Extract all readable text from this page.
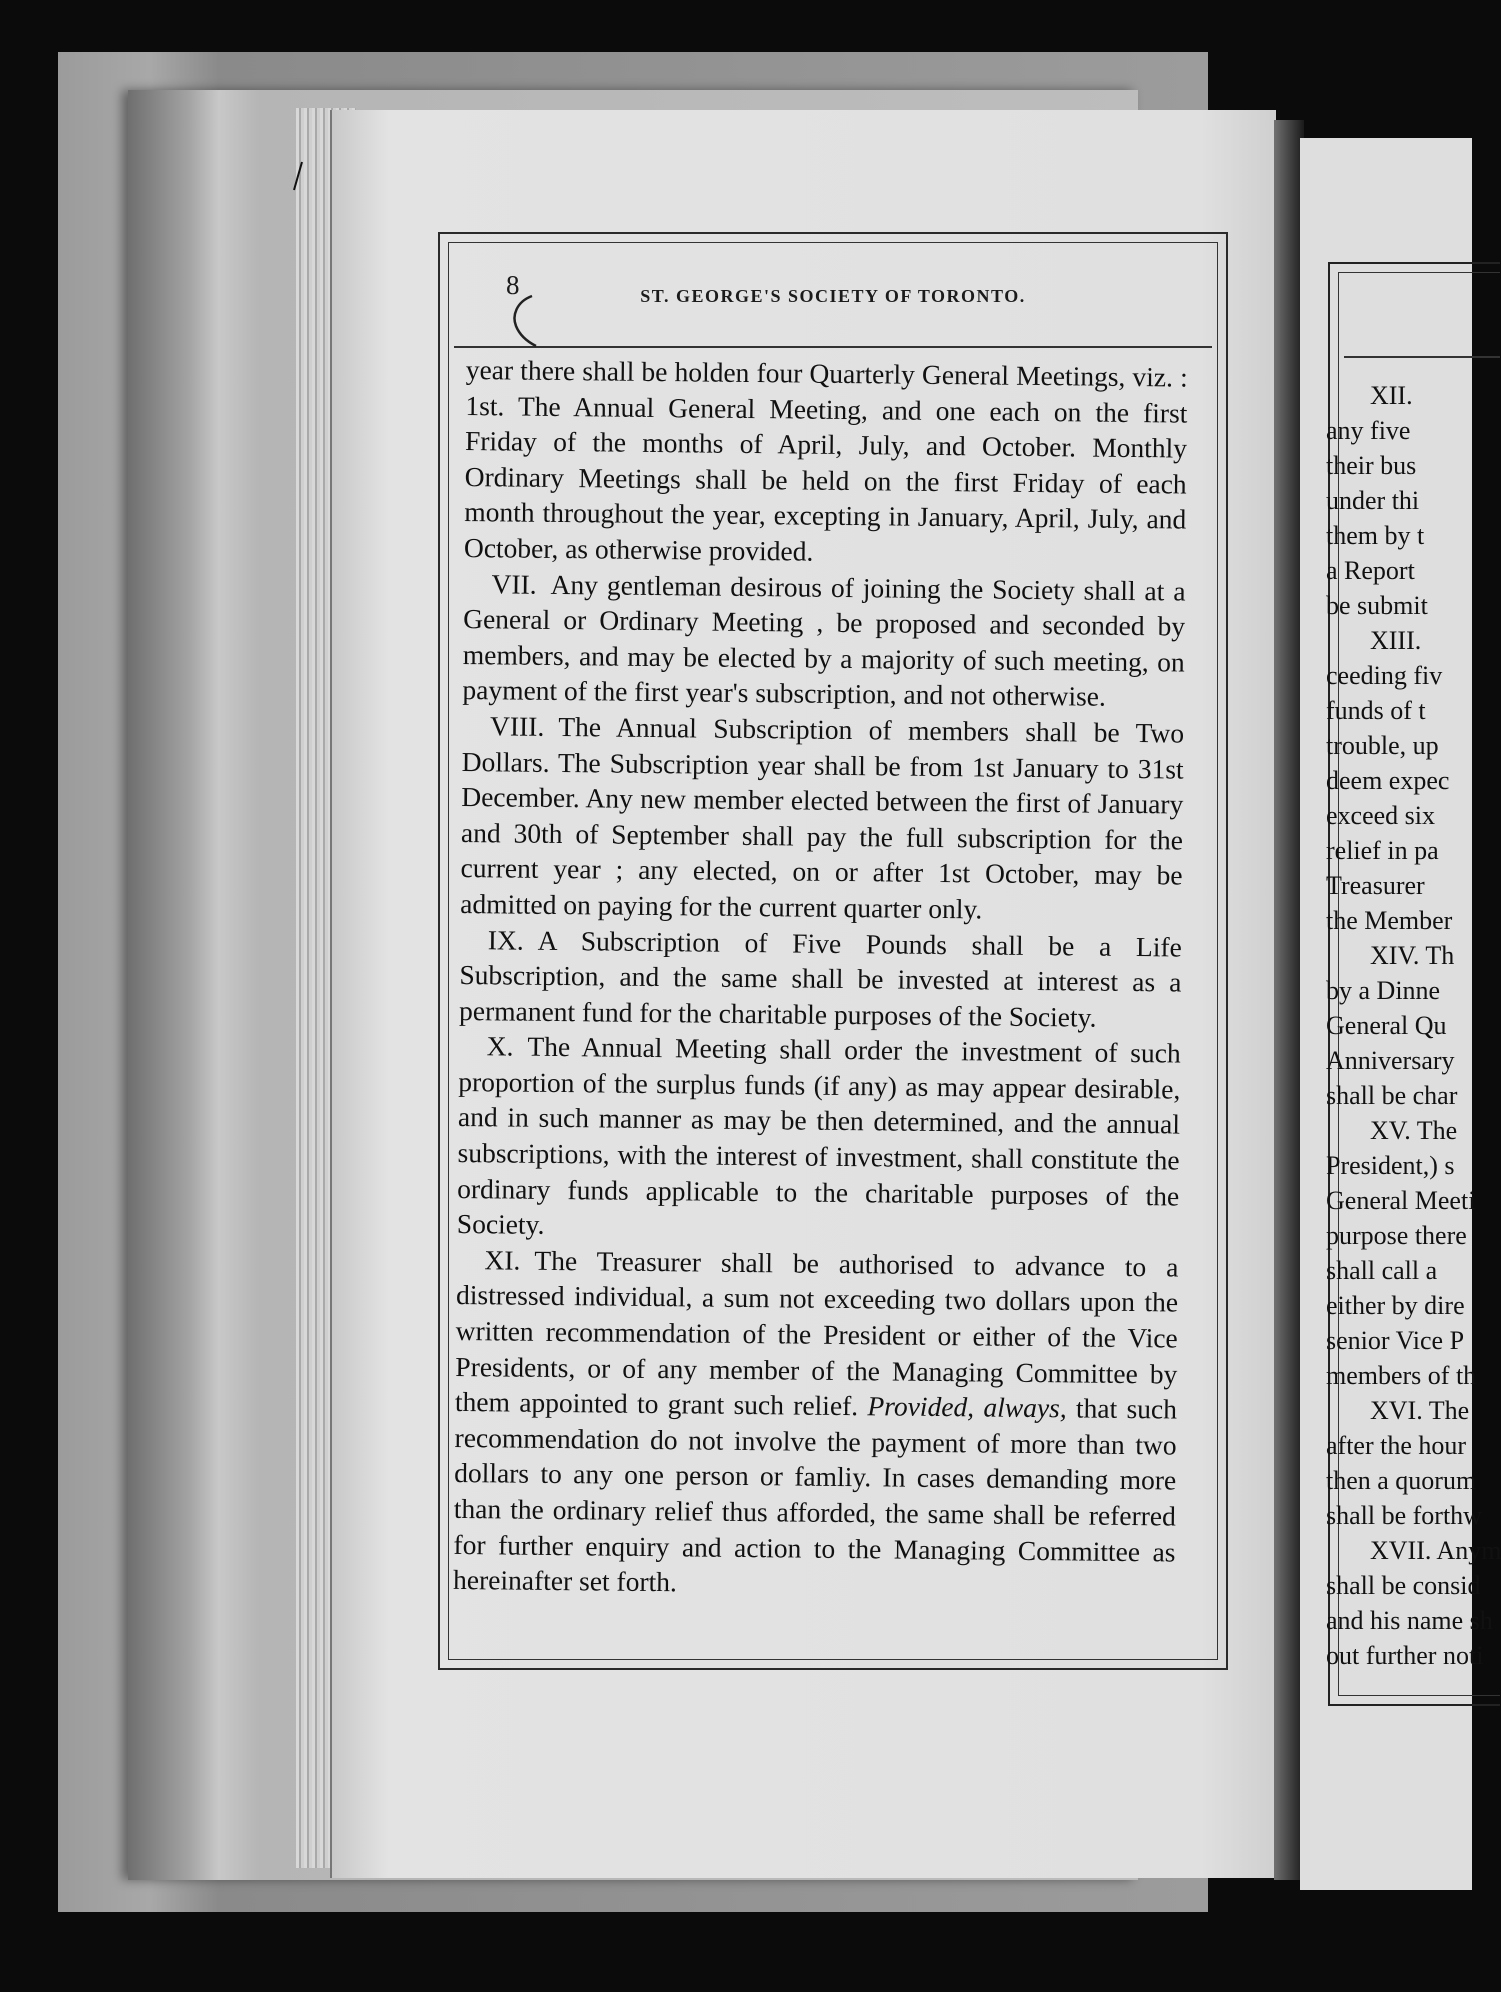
8	ST. GEORGE'S SOCIETY OF TORONTO.

year there shall be holden four Quarterly General Meetings, viz. : 1st. The Annual General Meeting, and one each on the first Friday of the months of April, July, and October. Monthly Ordinary Meetings shall be held on the first Friday of each month throughout the year, excepting in January, April, July, and October, as otherwise provided.

VII. Any gentleman desirous of joining the Society shall at a General or Ordinary Meeting , be proposed and seconded by members, and may be elected by a majority of such meeting, on payment of the first year's subscription, and not otherwise.

VIII. The Annual Subscription of members shall be Two Dollars. The Subscription year shall be from 1st January to 31st December. Any new member elected between the first of January and 30th of September shall pay the full subscription for the current year ; any elected, on or after 1st October, may be admitted on paying for the current quarter only.

IX. A Subscription of Five Pounds shall be a Life Subscription, and the same shall be invested at interest as a permanent fund for the charitable purposes of the Society.

X. The Annual Meeting shall order the investment of such proportion of the surplus funds (if any) as may appear desirable, and in such manner as may be then determined, and the annual subscriptions, with the interest of investment, shall constitute the ordinary funds applicable to the charitable purposes of the Society.

XI. The Treasurer shall be authorised to advance to a distressed individual, a sum not exceeding two dollars upon the written recommendation of the President or either of the Vice Presidents, or of any member of the Managing Committee by them appointed to grant such relief. Provided, always, that such recommendation do not involve the payment of more than two dollars to any one person or famliy. In cases demanding more than the ordinary relief thus afforded, the same shall be referred for further enquiry and action to the Managing Committee as hereinafter set forth.

XII.
any five
their bus
under thi
them by t
a Report
be submit
XIII.
ceeding fiv
funds of t
trouble, up
deem expec
exceed six
relief in pa
Treasurer
the Member
XIV. Th
by a Dinne
General Qu
Anniversary
shall be char
XV. The
President,) s
General Meeti
purpose there
shall call a
either by dire
senior Vice P
members of th
XVI. The
after the hour
then a quorum
shall be forthw
XVII. Anym
shall be consid
and his name sh
out further noti
